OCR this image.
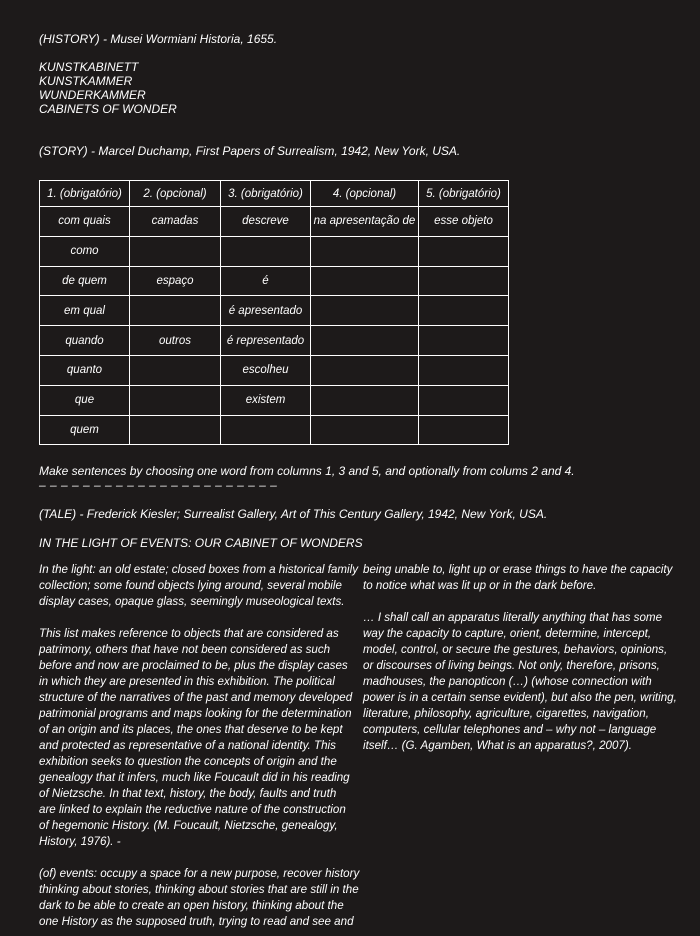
(HISTORY) - Musei Wormiani Historia, 1655.
KUNSTKABINETT
KUNSTKAMMER
WUNDERKAMMER
CABINETS OF WONDER
(STORY) - Marcel Duchamp, First Papers of Surrealism, 1942, New York, USA.
1. (obrigatório)	2. (opcional)	3. (obrigatório)	4. (opcional)	5. (obrigatório)
com quais	camadas	descreve	na apresentação de	esse objeto
como				
de quem	espaço	é		
em qual		é apresentado		
quando	outros	é representado		
quanto		escolheu		
que		existem		
quem				
Make sentences by choosing one word from columns 1, 3 and 5, and optionally from colums 2 and 4.
– – – – – – – – – – – – – – – – – – – – – –
(TALE) - Frederick Kiesler; Surrealist Gallery, Art of This Century Gallery, 1942, New York, USA.
IN THE LIGHT OF EVENTS: OUR CABINET OF WONDERS
In the light: an old estate; closed boxes from a historical family
collection; some found objects lying around, several mobile
display cases, opaque glass, seemingly museological texts.
This list makes reference to objects that are considered as
patrimony, others that have not been considered as such
before and now are proclaimed to be, plus the display cases
in which they are presented in this exhibition. The political
structure of the narratives of the past and memory developed
patrimonial programs and maps looking for the determination
of an origin and its places, the ones that deserve to be kept
and protected as representative of a national identity. This
exhibition seeks to question the concepts of origin and the
genealogy that it infers, much like Foucault did in his reading
of Nietzsche. In that text, history, the body, faults and truth
are linked to explain the reductive nature of the construction
of hegemonic History. (M. Foucault, Nietzsche, genealogy,
History, 1976). -
(of) events: occupy a space for a new purpose, recover history
thinking about stories, thinking about stories that are still in the
dark to be able to create an open history, thinking about the
one History as the supposed truth, trying to read and see and
being unable to, light up or erase things to have the capacity
to notice what was lit up or in the dark before.
… I shall call an apparatus literally anything that has some
way the capacity to capture, orient, determine, intercept,
model, control, or secure the gestures, behaviors, opinions,
or discourses of living beings. Not only, therefore, prisons,
madhouses, the panopticon (…) (whose connection with
power is in a certain sense evident), but also the pen, writing,
literature, philosophy, agriculture, cigarettes, navigation,
computers, cellular telephones and – why not – language
itself… (G. Agamben, What is an apparatus?, 2007).
